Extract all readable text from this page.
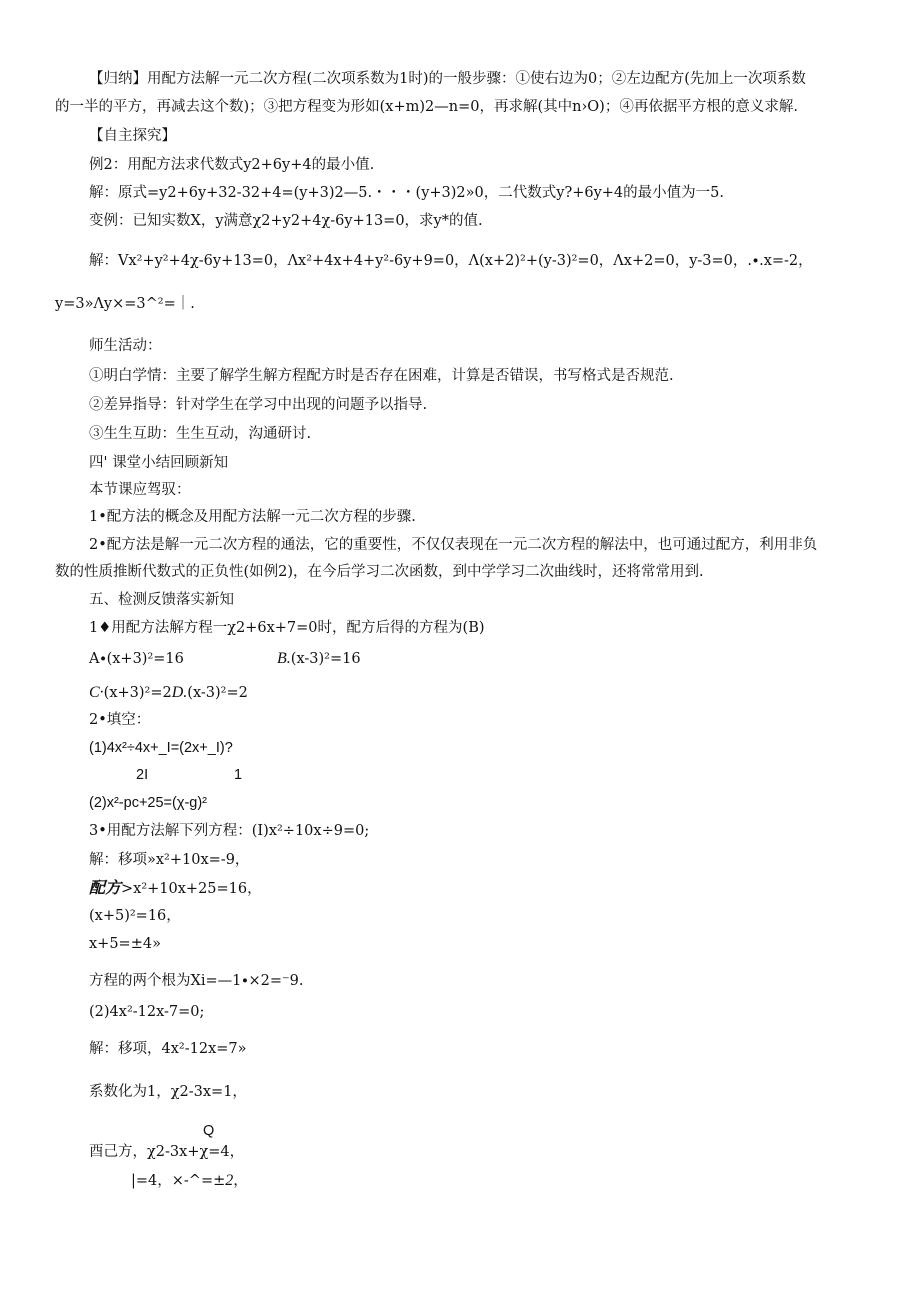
【归纳】用配方法解一元二次方程(二次项系数为1时)的一般步骤：①使右边为0；②左边配方(先加上一次项系数
的一半的平方，再减去这个数)；③把方程变为形如(x+m)2—n=0，再求解(其中n›O)；④再依据平方根的意义求解.
【自主探究】
例2：用配方法求代数式y2+6y+4的最小值.
解：原式=y2+6y+32-32+4=(y+3)2—5.・・・(y+3)2»0，二代数式y?+6y+4的最小值为一5.
变例：已知实数X，y满意χ2+y2+4χ-6y+13=0，求y*的值.
解：Vx²+y²+4χ-6y+13=0，Λx²+4x+4+y²-6y+9=0，Λ(x+2)²+(y-3)²=0，Λx+2=0，y-3=0，.∙.x=-2，
y=3»Λy×=3^²=｜.
师生活动：
①明白学情：主要了解学生解方程配方时是否存在困难，计算是否错误，书写格式是否规范.
②差异指导：针对学生在学习中出现的问题予以指导.
③生生互助：生生互动，沟通研讨.
四' 课堂小结回顾新知
本节课应驾驭：
1•配方法的概念及用配方法解一元二次方程的步骤.
2•配方法是解一元二次方程的通法，它的重要性，不仅仅表现在一元二次方程的解法中，也可通过配方，利用非负
数的性质推断代数式的正负性(如例2)，在今后学习二次函数，到中学学习二次曲线时，还将常常用到.
五、检测反馈落实新知
1♦用配方法解方程一χ2+6x+7=0时，配方后得的方程为(B)
A∙(x+3)²=16	B.(x-3)²=16
C∙(x+3)²=2D.(x-3)²=2
2•填空：
(1)4x²÷4x+_I=(2x+_I)?
2I	1
(2)x²-pc+25=(χ-g)²
3•用配方法解下列方程：(I)x²÷10x÷9=0;
解：移项»x²+10x=-9，
配方>x²+10x+25=16，
(x+5)²=16，
x+5=±4»
方程的两个根为Xi=—1∙×2=⁻9.
(2)4x²-12x-7=0;
解：移项，4x²-12x=7»
系数化为1，χ2-3x=1，
Q
酉己方，χ2-3x+χ=4，
|=4，×-^=±2，
